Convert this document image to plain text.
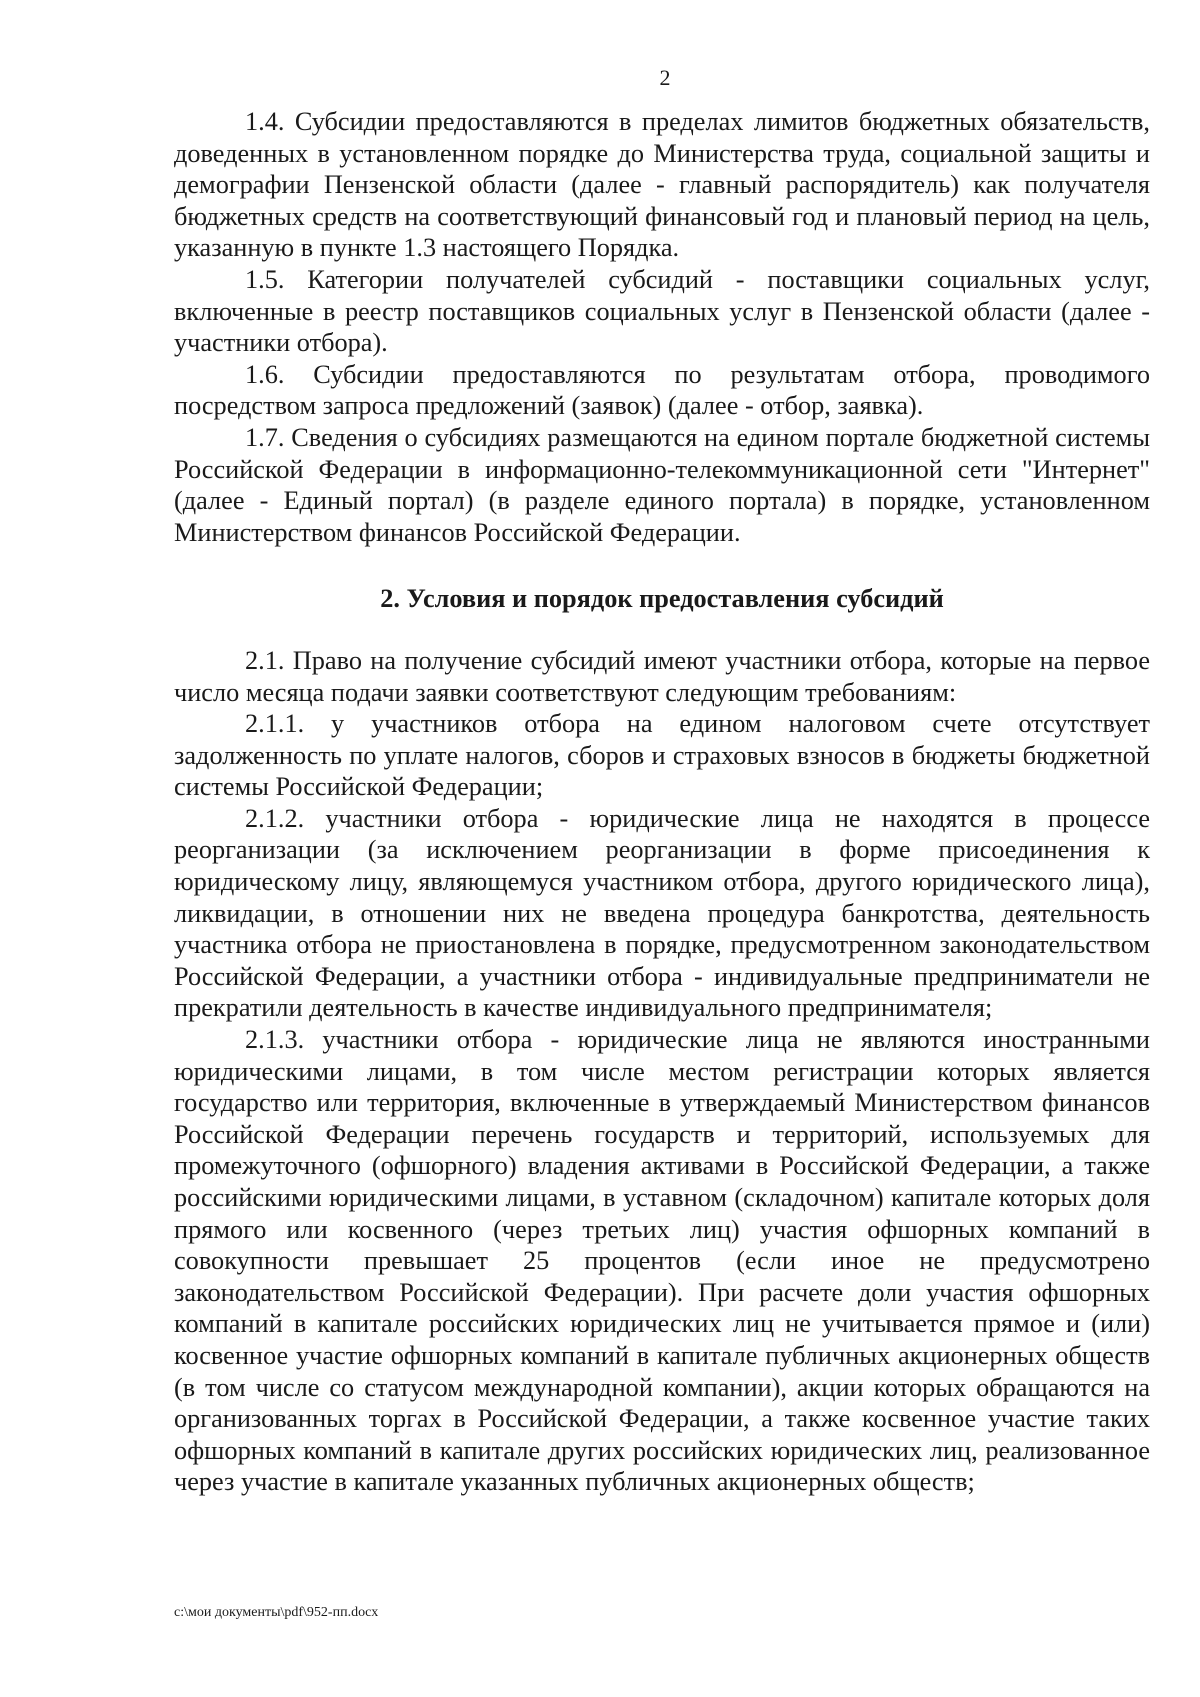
2

1.4. Субсидии предоставляются в пределах лимитов бюджетных обязательств, доведенных в установленном порядке до Министерства труда, социальной защиты и демографии Пензенской области (далее - главный распорядитель) как получателя бюджетных средств на соответствующий финансовый год и плановый период на цель, указанную в пункте 1.3 настоящего Порядка.

1.5. Категории получателей субсидий - поставщики социальных услуг, включенные в реестр поставщиков социальных услуг в Пензенской области (далее - участники отбора).

1.6. Субсидии предоставляются по результатам отбора, проводимого посредством запроса предложений (заявок) (далее - отбор, заявка).

1.7. Сведения о субсидиях размещаются на едином портале бюджетной системы Российской Федерации в информационно-телекоммуникационной сети "Интернет" (далее - Единый портал) (в разделе единого портала) в порядке, установленном Министерством финансов Российской Федерации.

2. Условия и порядок предоставления субсидий

2.1. Право на получение субсидий имеют участники отбора, которые на первое число месяца подачи заявки соответствуют следующим требованиям:

2.1.1. у участников отбора на едином налоговом счете отсутствует задолженность по уплате налогов, сборов и страховых взносов в бюджеты бюджетной системы Российской Федерации;

2.1.2. участники отбора - юридические лица не находятся в процессе реорганизации (за исключением реорганизации в форме присоединения к юридическому лицу, являющемуся участником отбора, другого юридического лица), ликвидации, в отношении них не введена процедура банкротства, деятельность участника отбора не приостановлена в порядке, предусмотренном законодательством Российской Федерации, а участники отбора - индивидуальные предприниматели не прекратили деятельность в качестве индивидуального предпринимателя;

2.1.3. участники отбора - юридические лица не являются иностранными юридическими лицами, в том числе местом регистрации которых является государство или территория, включенные в утверждаемый Министерством финансов Российской Федерации перечень государств и территорий, используемых для промежуточного (офшорного) владения активами в Российской Федерации, а также российскими юридическими лицами, в уставном (складочном) капитале которых доля прямого или косвенного (через третьих лиц) участия офшорных компаний в совокупности превышает 25 процентов (если иное не предусмотрено законодательством Российской Федерации). При расчете доли участия офшорных компаний в капитале российских юридических лиц не учитывается прямое и (или) косвенное участие офшорных компаний в капитале публичных акционерных обществ (в том числе со статусом международной компании), акции которых обращаются на организованных торгах в Российской Федерации, а также косвенное участие таких офшорных компаний в капитале других российских юридических лиц, реализованное через участие в капитале указанных публичных акционерных обществ;

c:\мои документы\pdf\952-пп.docx
